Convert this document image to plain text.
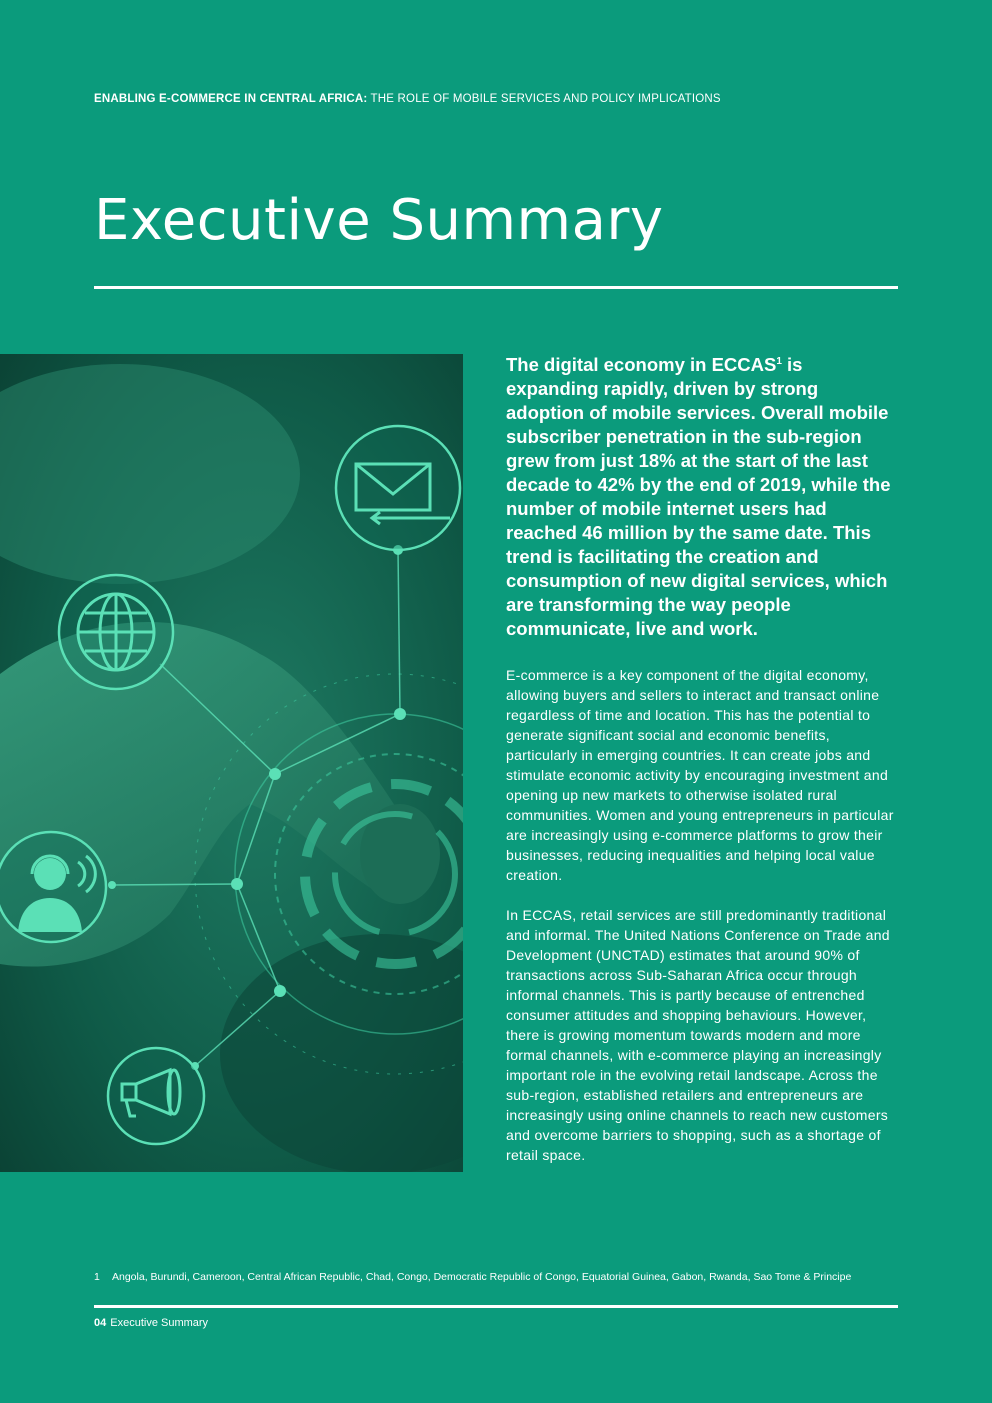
ENABLING E-COMMERCE IN CENTRAL AFRICA: THE ROLE OF MOBILE SERVICES AND POLICY IMPLICATIONS
Executive Summary

The digital economy in ECCAS$^1$ is expanding rapidly, driven by strong adoption of mobile services. Overall mobile subscriber penetration in the sub-region grew from just 18% at the start of the last decade to 42% by the end of 2019, while the number of mobile internet users had reached 46 million by the same date. This trend is facilitating the creation and consumption of new digital services, which are transforming the way people communicate, live and work.

E-commerce is a key component of the digital economy, allowing buyers and sellers to interact and transact online regardless of time and location. This has the potential to generate significant social and economic benefits, particularly in emerging countries. It can create jobs and stimulate economic activity by encouraging investment and opening up new markets to otherwise isolated rural communities. Women and young entrepreneurs in particular are increasingly using e-commerce platforms to grow their businesses, reducing inequalities and helping local value creation.

In ECCAS, retail services are still predominantly traditional and informal. The United Nations Conference on Trade and Development (UNCTAD) estimates that around 90% of transactions across Sub-Saharan Africa occur through informal channels. This is partly because of entrenched consumer attitudes and shopping behaviours. However, there is growing momentum towards modern and more formal channels, with e-commerce playing an increasingly important role in the evolving retail landscape. Across the sub-region, established retailers and entrepreneurs are increasingly using online channels to reach new customers and overcome barriers to shopping, such as a shortage of retail space.

1 Angola, Burundi, Cameroon, Central African Republic, Chad, Congo, Democratic Republic of Congo, Equatorial Guinea, Gabon, Rwanda, Sao Tome & Principe
04 Executive Summary
